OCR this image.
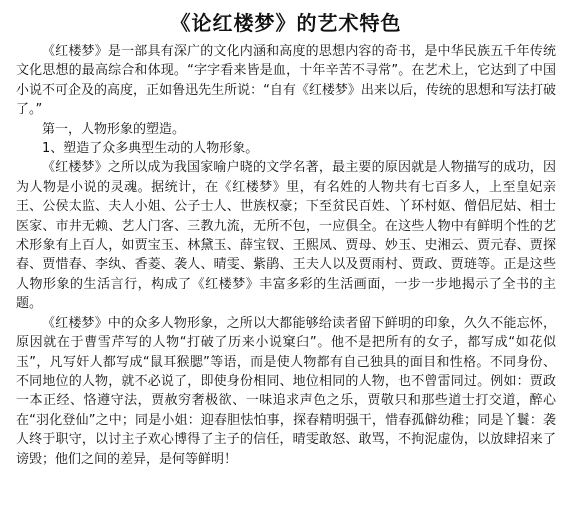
《论红楼梦》的艺术特色

《红楼梦》是一部具有深广的文化内涵和高度的思想内容的奇书，是中华民族五千年传统文化思想的最高综合和体现。“字字看来皆是血，十年辛苦不寻常”。在艺术上，它达到了中国小说不可企及的高度，正如鲁迅先生所说：“自有《红楼梦》出来以后，传统的思想和写法打破了。”

第一，人物形象的塑造。

1、塑造了众多典型生动的人物形象。

《红楼梦》之所以成为我国家喻户晓的文学名著，最主要的原因就是人物描写的成功，因为人物是小说的灵魂。据统计，在《红楼梦》里，有名姓的人物共有七百多人，上至皇妃亲王、公侯太监、夫人小姐、公子士人、世族权豪；下至贫民百姓、丫环村妪、僧侣尼姑、相士医家、市井无赖、艺人门客、三教九流，无所不包，一应俱全。在这些人物中有鲜明个性的艺术形象有上百人，如贾宝玉、林黛玉、薛宝钗、王熙凤、贾母、妙玉、史湘云、贾元春、贾探春、贾惜春、李纨、香菱、袭人、晴雯、紫鹃、王夫人以及贾雨村、贾政、贾琏等。正是这些人物形象的生活言行，构成了《红楼梦》丰富多彩的生活画面，一步一步地揭示了全书的主题。

《红楼梦》中的众多人物形象，之所以大都能够给读者留下鲜明的印象，久久不能忘怀，原因就在于曹雪芹写的人物“打破了历来小说窠臼”。他不是把所有的女子，都写成“如花似玉”，凡写奸人都写成“鼠耳猴腮”等语，而是使人物都有自己独具的面目和性格。不同身份、不同地位的人物，就不必说了，即使身份相同、地位相同的人物，也不曾雷同过。例如：贾政一本正经、恪遵守法，贾赦穷奢极欲、一味追求声色之乐，贾敬只和那些道士打交道，醉心在“羽化登仙”之中；同是小姐：迎春胆怯怕事，探春精明强干，惜春孤僻幼稚；同是丫鬟：袭人终于职守，以讨主子欢心博得了主子的信任，晴雯敢怒、敢骂，不拘泥虚伪，以放肆招来了谤毁；他们之间的差异，是何等鲜明！
